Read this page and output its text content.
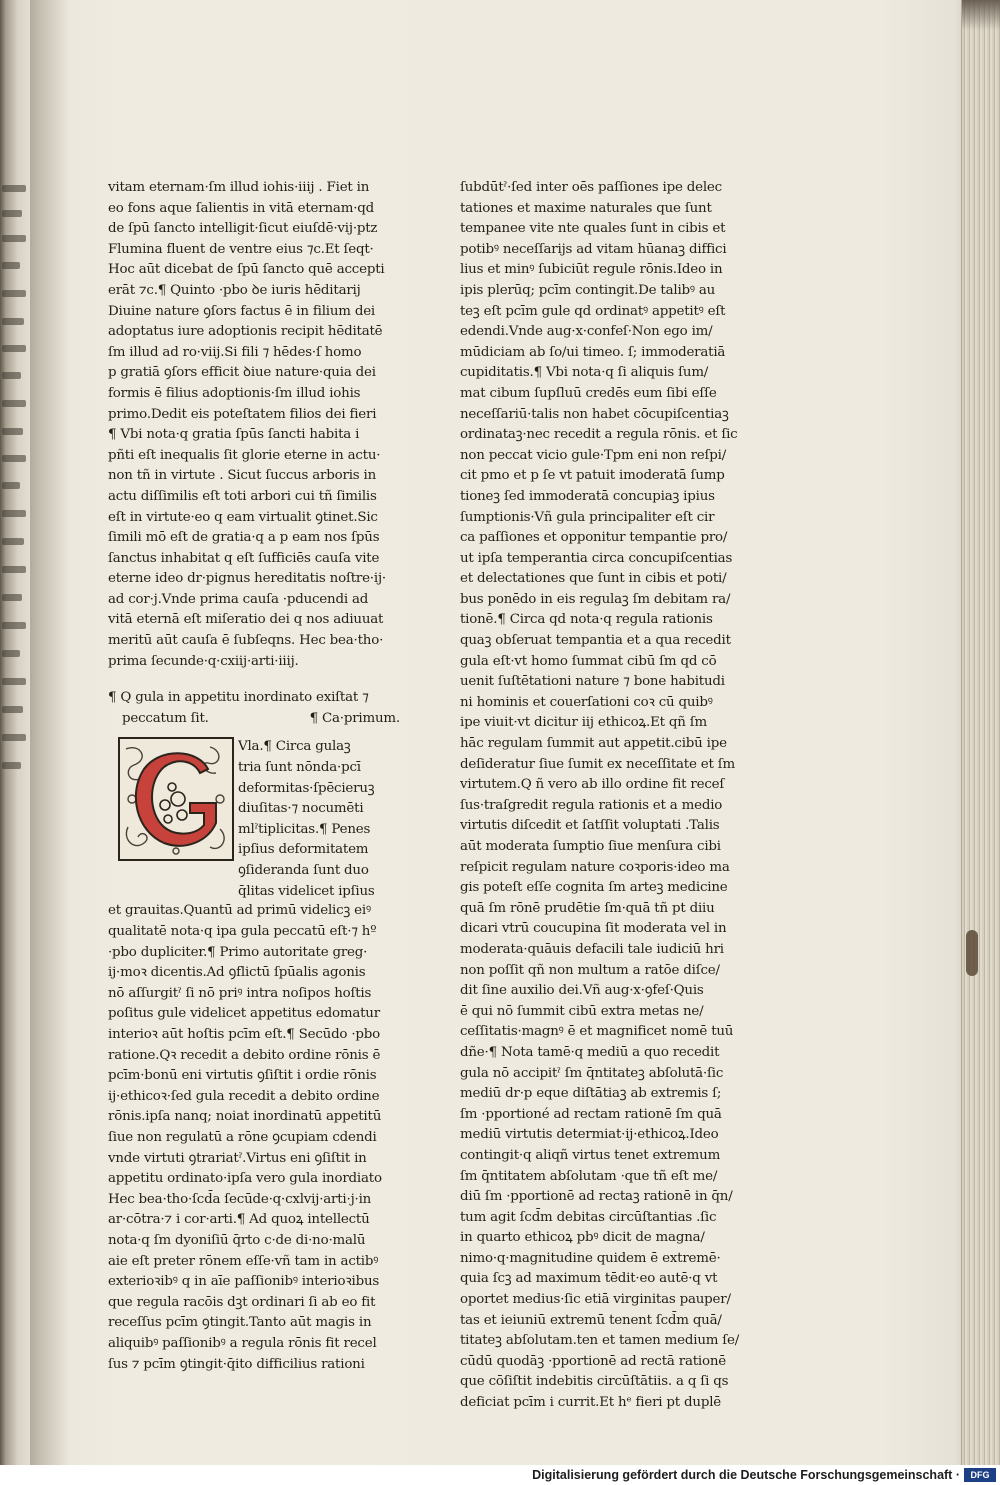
vitam eternam·ſm illud iohis·iiij . Fiet in
eo fons aque ſalientis in vitā eternam·qd
de ſpū ſancto intelligit·ſicut eiuſdē·vij·ptz
Flumina fluent de ventre eius ⁊c.Et ſeqt·
Hoc aūt dicebat de ſpū ſancto quē accepti
erāt ⁊c.¶ Quinto ·pbo ꝺe iuris hēditarij
Diuine nature ꝯſors factus ē in filium dei
adoptatus iure adoptionis recipit hēditatē
ſm illud ad ro·viij.Si fili ⁊ hēdes·ſ homo
p gratiā ꝯſors efficit ꝺiue nature·quia dei
formis ē filius adoptionis·ſm illud iohis
primo.Dedit eis poteſtatem filios dei fieri
¶ Vbi nota·q gratia ſpūs ſancti habita i
pñti eſt inequalis ſit glorie eterne in actu·
non tñ in virtute . Sicut ſuccus arboris in
actu diſſimilis eſt toti arbori cui tñ ſimilis
eſt in virtute·eo q eam virtualit ꝯtinet.Sic
ſimili mō eſt de gratia·q a p eam nos ſpūs
ſanctus inhabitat q eſt ſufficiēs cauſa vite
eterne ideo dr·pignus hereditatis noſtre·ij·
ad cor·j.Vnde prima cauſa ·pducendi ad
vitā eternā eſt miſeratio dei q nos adiuuat
meritū aūt cauſa ē ſubſeqns. Hec bea·tho·
prima ſecunde·q·cxiij·arti·iiij.
¶ Q gula in appetitu inordinato exiſtat ⁊
peccatum ſit.	¶ Ca·primum.
Vla.¶ Circa gulaꝫ
tria ſunt nōnda·pcī
deformitas·ſpēcieruꝫ
diuſitas·⁊ nocumēti
mlˀtiplicitas.¶ Penes
ipſius deformitatem
ꝯſideranda ſunt duo
q̄litas videlicet ipſius
et grauitas.Quantū ad primū videlicꝫ eiꝰ
qualitatē nota·q ipa gula peccatū eſt·⁊ hº
·pbo dupliciter.¶ Primo autoritate greg·
ij·moꝛ dicentis.Ad ꝯflictū ſpūalis agonis
nō aſſurgitˀ ſi nō priꝰ intra noſipos hoſtis
poſitus gule videlicet appetitus edomatur
interioꝛ aūt hoſtis pcīm eſt.¶ Secūdo ·pbo
ratione.Qꝛ recedit a debito ordine rōnis ē
pcīm·bonū eni virtutis ꝯſiſtit i ordie rōnis
ij·ethicoꝛ·ſed gula recedit a debito ordine
rōnis.ipſa nanq; noiat inordinatū appetitū
ſiue non regulatū a rōne ꝯcupiam cdendi
vnde virtuti ꝯtrariatˀ.Virtus eni ꝯſiſtit in
appetitu ordinato·ipſa vero gula inordiato
Hec bea·tho·ſcd̄a ſecūde·q·cxlvij·arti·j·in
ar·cōtra·⁊ i cor·arti.¶ Ad quoꝝ intellectū
nota·q ſm dyoniſiū q̄rto c·de di·no·malū
aie eſt preter rōnem eſſe·vñ tam in actibꝰ
exterioꝛibꝰ q in aīe paſſionibꝰ interioꝛibus
que regula racōis dꝫt ordinari ſi ab eo fit
receſſus pcīm ꝯtingit.Tanto aūt magis in
aliquibꝰ paſſionibꝰ a regula rōnis fit recel
ſus ⁊ pcīm ꝯtingit·q̄ito difficilius rationi
ſubdūtˀ·ſed inter oēs paſſiones ipe delec
tationes et maxime naturales que ſunt
tempanee vite nte quales ſunt in cibis et
potibꝰ neceſſarijs ad vitam hūanaꝫ diffici
lius et minꝰ ſubiciūt regule rōnis.Ideo in
ipis plerūq; pcīm contingit.De talibꝰ au
teꝫ eſt pcīm gule qd ordinatꝰ appetitꝰ eſt
edendi.Vnde aug·x·confeſ·Non ego im/
mūdiciam ab ſo/ui timeo. ſ; immoderatiā
cupiditatis.¶ Vbi nota·q ſi aliquis ſum/
mat cibum ſupſluū credēs eum ſibi eſſe
neceſſariū·talis non habet cōcupiſcentiaꝫ
ordinataꝫ·nec recedit a regula rōnis. et ſic
non peccat vicio gule·Tpm eni non reſpi/
cit pmo et p ſe vt patuit imoderatā ſump
tioneꝫ ſed immoderatā concupiaꝫ ipius
ſumptionis·Vñ gula principaliter eſt cir
ca paſſiones et opponitur tempantie pro/
ut ipſa temperantia circa concupiſcentias
et delectationes que ſunt in cibis et poti/
bus ponēdo in eis regulaꝫ ſm debitam ra/
tionē.¶ Circa qd nota·q regula rationis
quaꝫ obſeruat tempantia et a qua recedit
gula eſt·vt homo ſummat cibū ſm qd cō
uenit ſuſtētationi nature ⁊ bone habitudi
ni hominis et couerſationi coꝛ cū quibꝰ
ipe viuit·vt dicitur iij ethicoꝝ.Et qñ ſm
hāc regulam ſummit aut appetit.cibū ipe
deſideratur ſiue ſumit ex neceſſitate et ſm
virtutem.Q ñ vero ab illo ordine fit receſ
ſus·traſgredit regula rationis et a medio
virtutis diſcedit et ſatſſit voluptati .Talis
aūt moderata ſumptio ſiue menſura cibi
reſpicit regulam nature coꝛporis·ideo ma
gis poteſt eſſe cognita ſm arteꝫ medicine
quā ſm rōnē prudētie ſm·quā tñ pt diiu
dicari vtrū coucupina ſit moderata vel in
moderata·quāuis defacili tale iudiciū hri
non poſſit qñ non multum a ratōe diſce/
dit ſine auxilio dei.Vñ aug·x·ꝯfeſ·Quis
ē qui nō ſummit cibū extra metas ne/
ceſſitatis·magnꝰ ē et magnificet nomē tuū
dñe·¶ Nota tamē·q mediū a quo recedit
gula nō accipitˀ ſm q̄ntitateꝫ abſolutā·ſic
mediū dr·p eque diſtātiaꝫ ab extremis ſ;
ſm ·pportioné ad rectam rationē ſm quā
mediū virtutis determiat·ij·ethicoꝝ.Ideo
contingit·q aliqñ virtus tenet extremum
ſm q̄ntitatem abſolutam ·que tñ eſt me/
diū ſm ·pportionē ad rectaꝫ rationē in q̄n/
tum agit ſcd̄m debitas circūſtantias .ſic
in quarto ethicoꝝ pbꝰ dicit de magna/
nimo·q·magnitudine quidem ē extremē·
quia ſcꝫ ad maximum tēdit·eo autē·q vt
oportet medius·ſic etiā virginitas pauper/
tas et ieiuniū extremū tenent ſcd̄m quā/
titateꝫ abſolutam.ten et tamen medium ſe/
cūdū quodāꝫ ·pportionē ad rectā rationē
que cōſiſtit indebitis circūſtātiis. a q ſi qs
deficiat pcīm i currit.Et hᵉ fieri pt duplē
Digitalisierung gefördert durch die Deutsche Forschungsgemeinschaft ·	DFG
